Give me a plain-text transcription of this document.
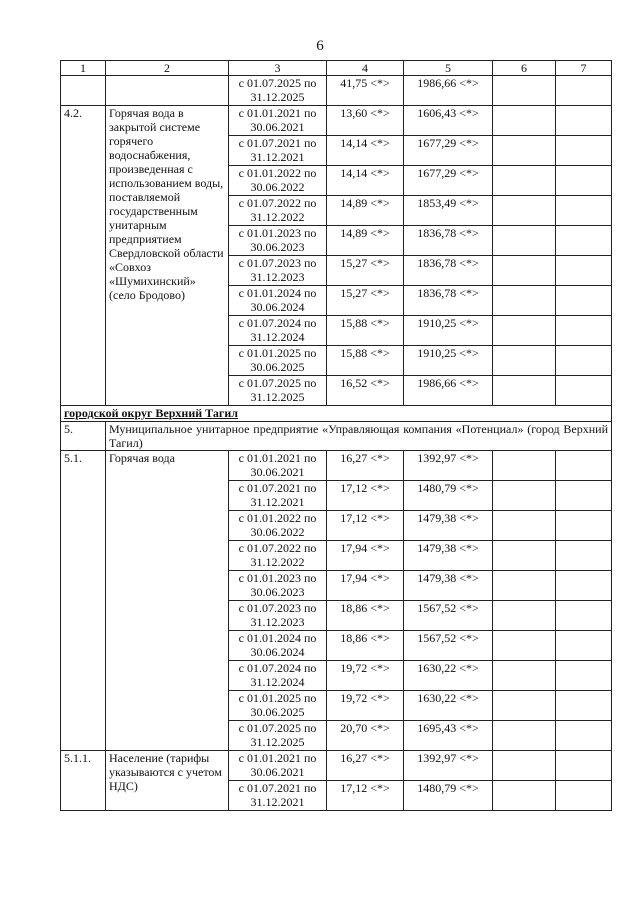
6
1	2	3	4	5	6	7
		с 01.07.2025 по
31.12.2025	41,75 <*>	1986,66 <*>		
4.2.	Горячая вода в закрытой системе горячего водоснабжения, произведенная с использованием воды, поставляемой государственным унитарным предприятием Свердловской области «Совхоз «Шумихинский» (село Бродово)	с 01.01.2021 по
30.06.2021	13,60 <*>	1606,43 <*>		
		с 01.07.2021 по
31.12.2021	14,14 <*>	1677,29 <*>		
		с 01.01.2022 по
30.06.2022	14,14 <*>	1677,29 <*>		
		с 01.07.2022 по
31.12.2022	14,89 <*>	1853,49 <*>		
		с 01.01.2023 по
30.06.2023	14,89 <*>	1836,78 <*>		
		с 01.07.2023 по
31.12.2023	15,27 <*>	1836,78 <*>		
		с 01.01.2024 по
30.06.2024	15,27 <*>	1836,78 <*>		
		с 01.07.2024 по
31.12.2024	15,88 <*>	1910,25 <*>		
		с 01.01.2025 по
30.06.2025	15,88 <*>	1910,25 <*>		
		с 01.07.2025 по
31.12.2025	16,52 <*>	1986,66 <*>		
городской округ Верхний Тагил						
5.	Муниципальное унитарное предприятие «Управляющая компания «Потенциал» (город Верхний Тагил)					
5.1.	Горячая вода	с 01.01.2021 по
30.06.2021	16,27 <*>	1392,97 <*>		
		с 01.07.2021 по
31.12.2021	17,12 <*>	1480,79 <*>		
		с 01.01.2022 по
30.06.2022	17,12 <*>	1479,38 <*>		
		с 01.07.2022 по
31.12.2022	17,94 <*>	1479,38 <*>		
		с 01.01.2023 по
30.06.2023	17,94 <*>	1479,38 <*>		
		с 01.07.2023 по
31.12.2023	18,86 <*>	1567,52 <*>		
		с 01.01.2024 по
30.06.2024	18,86 <*>	1567,52 <*>		
		с 01.07.2024 по
31.12.2024	19,72 <*>	1630,22 <*>		
		с 01.01.2025 по
30.06.2025	19,72 <*>	1630,22 <*>		
		с 01.07.2025 по
31.12.2025	20,70 <*>	1695,43 <*>		
5.1.1.	Население (тарифы указываются с учетом НДС)	с 01.01.2021 по
30.06.2021	16,27 <*>	1392,97 <*>		
		с 01.07.2021 по
31.12.2021	17,12 <*>	1480,79 <*>		
